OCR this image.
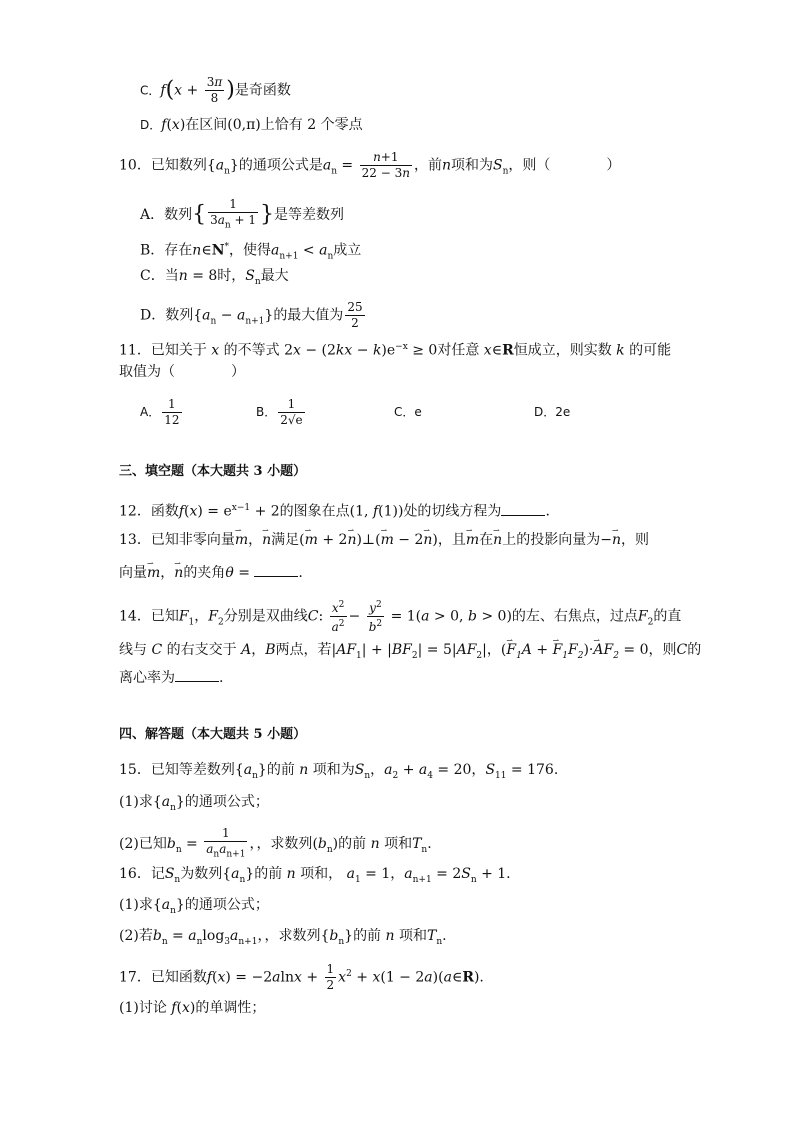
C．$f(x + \frac{3\pi}{8}$ )是奇函数
D．f(x)在区间(0,π)上恰有 2 个零点
10．已知数列$\{a_n\}$的通项公式是$a_n = \frac{n+1}{22 - 3n}$ ，前n项和为$S_n$，则（　　　　）
A．数列{ $\frac{1}{3a_n + 1}$ }是等差数列
B．存在n∈N*，使得$a_{n+1} < a_n$成立
C．当n = 8时，$S_n$最大
D．数列$\{a_n - a_{n+1}\}$的最大值为 $\frac{25}{2}$
11．已知关于 x 的不等式 $2x - (2kx - k)e^{-x} \ge 0$对任意 x∈R恒成立，则实数 k 的可能
取值为（　　　　）
A． $\frac{1}{12}$	B． $\frac{1}{2√e}$	C．e	D．2e
三、填空题（本大题共 3 小题）
12．函数$f(x) = e^{x-1} + 2$的图象在点(1, f(1))处的切线方程为	.
13．已知非零向量⇀ m，⇀ n满足(⇀ m + 2⇀ n)⊥(⇀ m − 2⇀ n)，且⇀ m在⇀ n上的投影向量为−⇀ n，则
向量⇀ m，⇀ n的夹角θ =	.
14．已知$F_1$，$F_2$分别是双曲线C: $\frac{x^2}{a^2} - \frac{y^2}{b^2} = 1(a > 0$, b > 0)的左、右焦点，过点$F_2$的直
线与 C 的右支交于 A，B两点，若$|AF_1| + |BF_2| = 5|AF_2|$，(⇀ $F_1A$ + ⇀ $F_1F_2)\cdot⇀$ $AF_2 = 0$，则C的
离心率为	.
四、解答题（本大题共 5 小题）
15．已知等差数列$\{a_n\}$的前 n 项和为$S_n$，$a_2 + a_4 = 20$，$S_{11} = 176$.
(1)求$\{a_n\}$的通项公式；
(2)已知$b_n = \frac{1}{a_na_{n+1}}$ ，，求数列$(b_n)$的前 n 项和$T_n$.
16．记$S_n$为数列$\{a_n\}$的前 n 项和， $a_1 = 1$，$a_{n+1} = 2S_n + 1$.
(1)求$\{a_n\}$的通项公式；
(2)若$b_n = a_n\log_3a_{n+1}$，，求数列$\{b_n\}$的前 n 项和$T_n$.
17．已知函数$f(x) = -2alnx + \frac{1}{2} x^2 + x(1$ − 2a)(a∈R).
(1)讨论 f(x)的单调性；
